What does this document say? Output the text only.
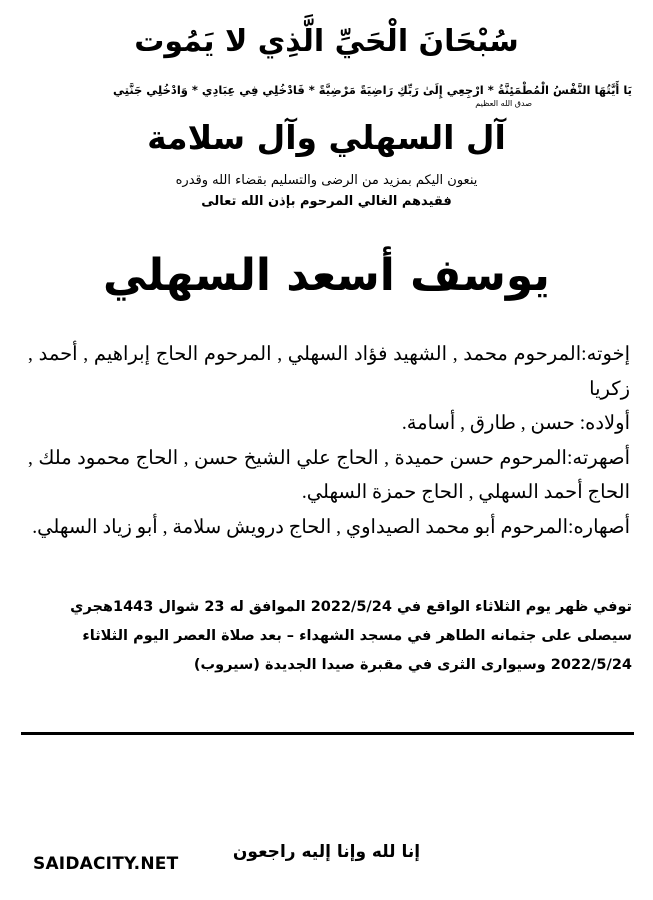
سُبْحَانَ الْحَيِّ الَّذِي لا يَمُوت
يَا أَيَّتُهَا النَّفْسُ الْمُطْمَئِنَّةُ * ارْجِعِي إِلَىٰ رَبِّكِ رَاضِيَةً مَرْضِيَّةً * فَادْخُلِي فِي عِبَادِي * وَادْخُلِي جَنَّتِي
صدق الله العظيم
آل السهلي وآل سلامة
ينعون اليكم بمزيد من الرضى والتسليم بقضاء الله وقدره
فقيدهم الغالي المرحوم بإذن الله تعالى
يوسف أسعد السهلي
إخوته:المرحوم محمد , الشهيد فؤاد السهلي , المرحوم الحاج إبراهيم , أحمد , زكريا
أولاده: حسن , طارق , أسامة.
أصهرته:المرحوم حسن حميدة , الحاج علي الشيخ حسن , الحاج محمود ملك , الحاج أحمد السهلي , الحاج حمزة السهلي.
أصهاره:المرحوم أبو محمد الصيداوي , الحاج درويش سلامة , أبو زياد السهلي.
توفي ظهر يوم الثلاثاء الواقع في 2022/5/24 الموافق له 23 شوال 1443هجري
سيصلى على جثمانه الطاهر في مسجد الشهداء – بعد صلاة العصر اليوم الثلاثاء 2022/5/24 وسيوارى الثرى في مقبرة صيدا الجديدة (سيروب)
إنا لله وإنا إليه راجعون
SAIDACITY.NET
